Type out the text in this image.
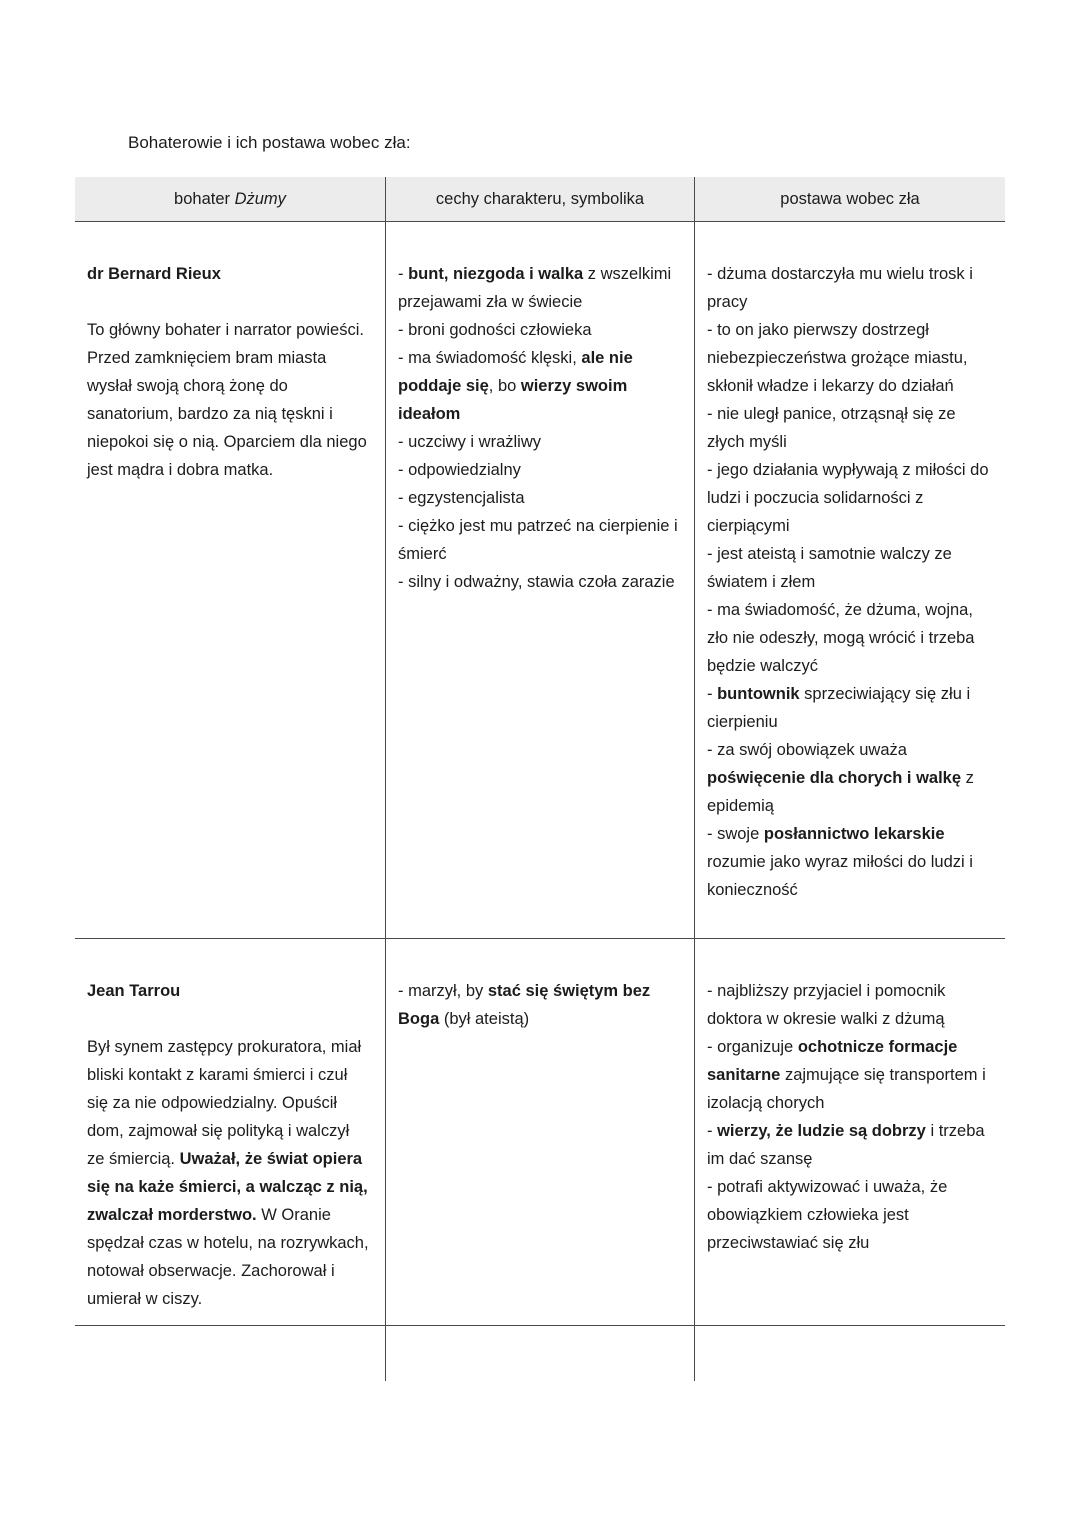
Bohaterowie i ich postawa wobec zła:
bohater Dżumy	cechy charakteru, symbolika	postawa wobec zła
dr Bernard Rieux

To główny bohater i narrator powieści. Przed zamknięciem bram miasta wysłał swoją chorą żonę do sanatorium, bardzo za nią tęskni i niepokoi się o nią. Oparciem dla niego jest mądra i dobra matka.
- bunt, niezgoda i walka z wszelkimi przejawami zła w świecie
- broni godności człowieka
- ma świadomość klęski, ale nie poddaje się, bo wierzy swoim ideałom
- uczciwy i wrażliwy
- odpowiedzialny
- egzystencjalista
- ciężko jest mu patrzeć na cierpienie i śmierć
- silny i odważny, stawia czoła zarazie
- dżuma dostarczyła mu wielu trosk i pracy
- to on jako pierwszy dostrzegł niebezpieczeństwa grożące miastu, skłonił władze i lekarzy do działań
- nie uległ panice, otrząsnął się ze złych myśli
- jego działania wypływają z miłości do ludzi i poczucia solidarności z cierpiącymi
- jest ateistą i samotnie walczy ze światem i złem
- ma świadomość, że dżuma, wojna, zło nie odeszły, mogą wrócić i trzeba będzie walczyć
- buntownik sprzeciwiający się złu i cierpieniu
- za swój obowiązek uważa poświęcenie dla chorych i walkę z epidemią
- swoje posłannictwo lekarskie rozumie jako wyraz miłości do ludzi i konieczność
Jean Tarrou

Był synem zastępcy prokuratora, miał bliski kontakt z karami śmierci i czuł się za nie odpowiedzialny. Opuścił dom, zajmował się polityką i walczył ze śmiercią. Uważał, że świat opiera się na każe śmierci, a walcząc z nią, zwalczał morderstwo. W Oranie spędzał czas w hotelu, na rozrywkach, notował obserwacje. Zachorował i umierał w ciszy.
- marzył, by stać się świętym bez Boga (był ateistą)
- najbliższy przyjaciel i pomocnik doktora w okresie walki z dżumą
- organizuje ochotnicze formacje sanitarne zajmujące się transportem i izolacją chorych
- wierzy, że ludzie są dobrzy i trzeba im dać szansę
- potrafi aktywizować i uważa, że obowiązkiem człowieka jest przeciwstawiać się złu
